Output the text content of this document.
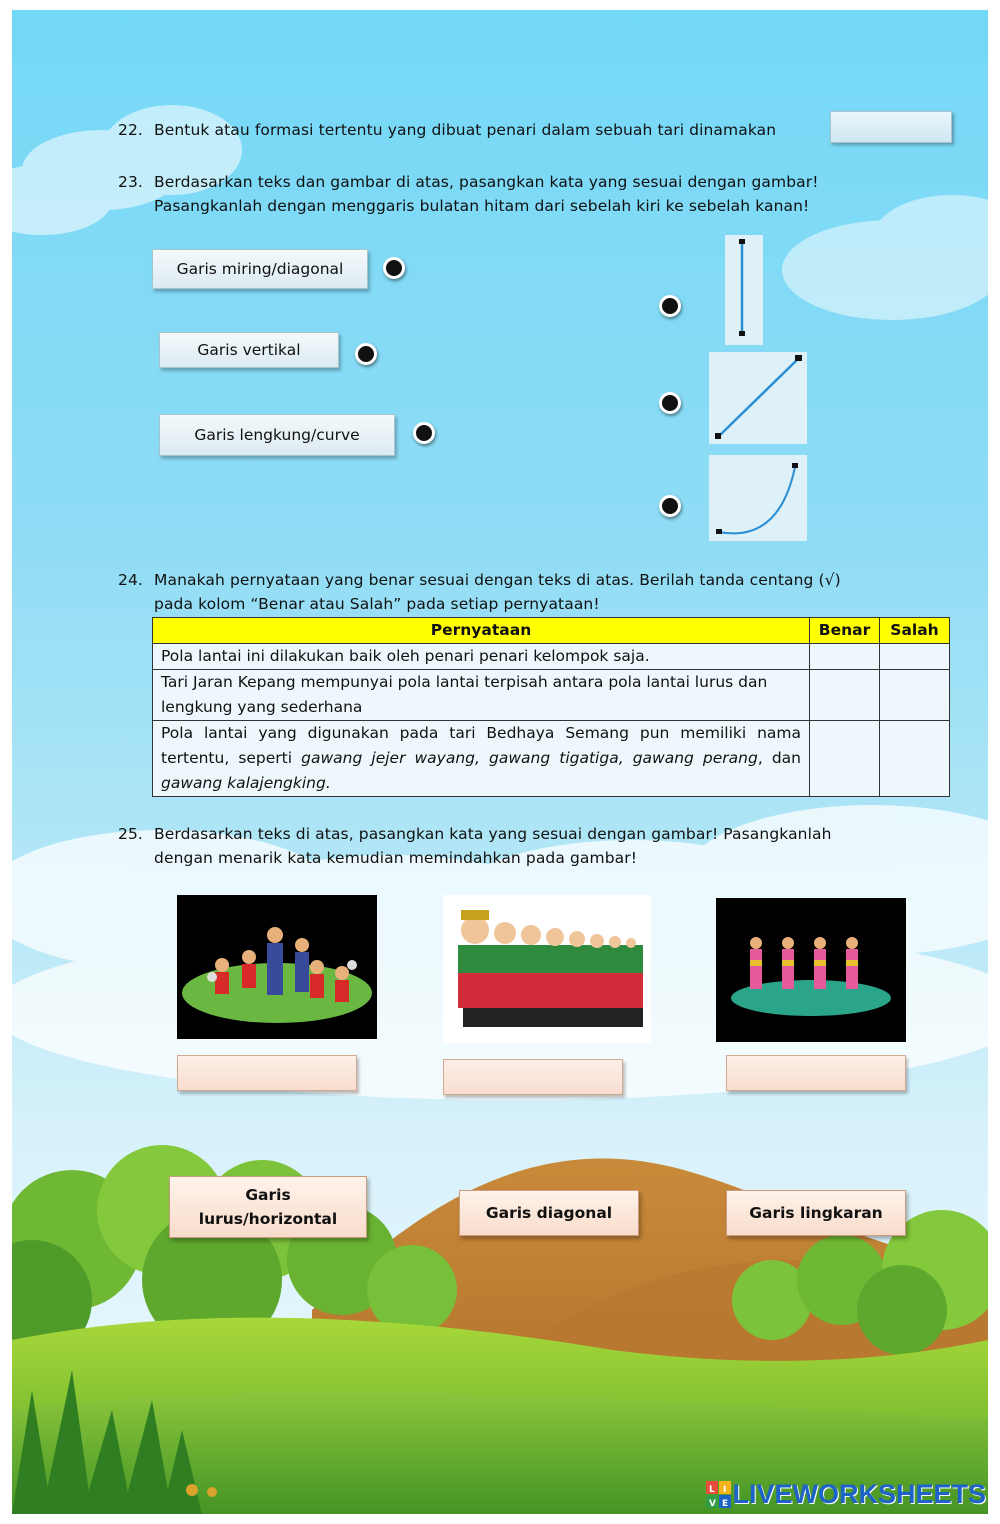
22. Bentuk atau formasi tertentu yang dibuat penari dalam sebuah tari dinamakan
23. Berdasarkan teks dan gambar di atas, pasangkan kata yang sesuai dengan gambar!
Pasangkanlah dengan menggaris bulatan hitam dari sebelah kiri ke sebelah kanan!
Garis miring/diagonal
Garis vertikal
Garis lengkung/curve
24. Manakah pernyataan yang benar sesuai dengan teks di atas. Berilah tanda centang (√)
pada kolom “Benar atau Salah” pada setiap pernyataan!
Pernyataan	Benar	Salah
Pola lantai ini dilakukan baik oleh penari penari kelompok saja.		
Tari Jaran Kepang mempunyai pola lantai terpisah antara pola lantai lurus dan lengkung yang sederhana		
Pola lantai yang digunakan pada tari Bedhaya Semang pun memiliki nama tertentu, seperti gawang jejer wayang, gawang tigatiga, gawang perang, dan gawang kalajengking.		
25. Berdasarkan teks di atas, pasangkan kata yang sesuai dengan gambar! Pasangkanlah
dengan menarik kata kemudian memindahkan pada gambar!
Garis lurus/horizontal	Garis diagonal	Garis lingkaran
L I
V E LIVEWORKSHEETS
